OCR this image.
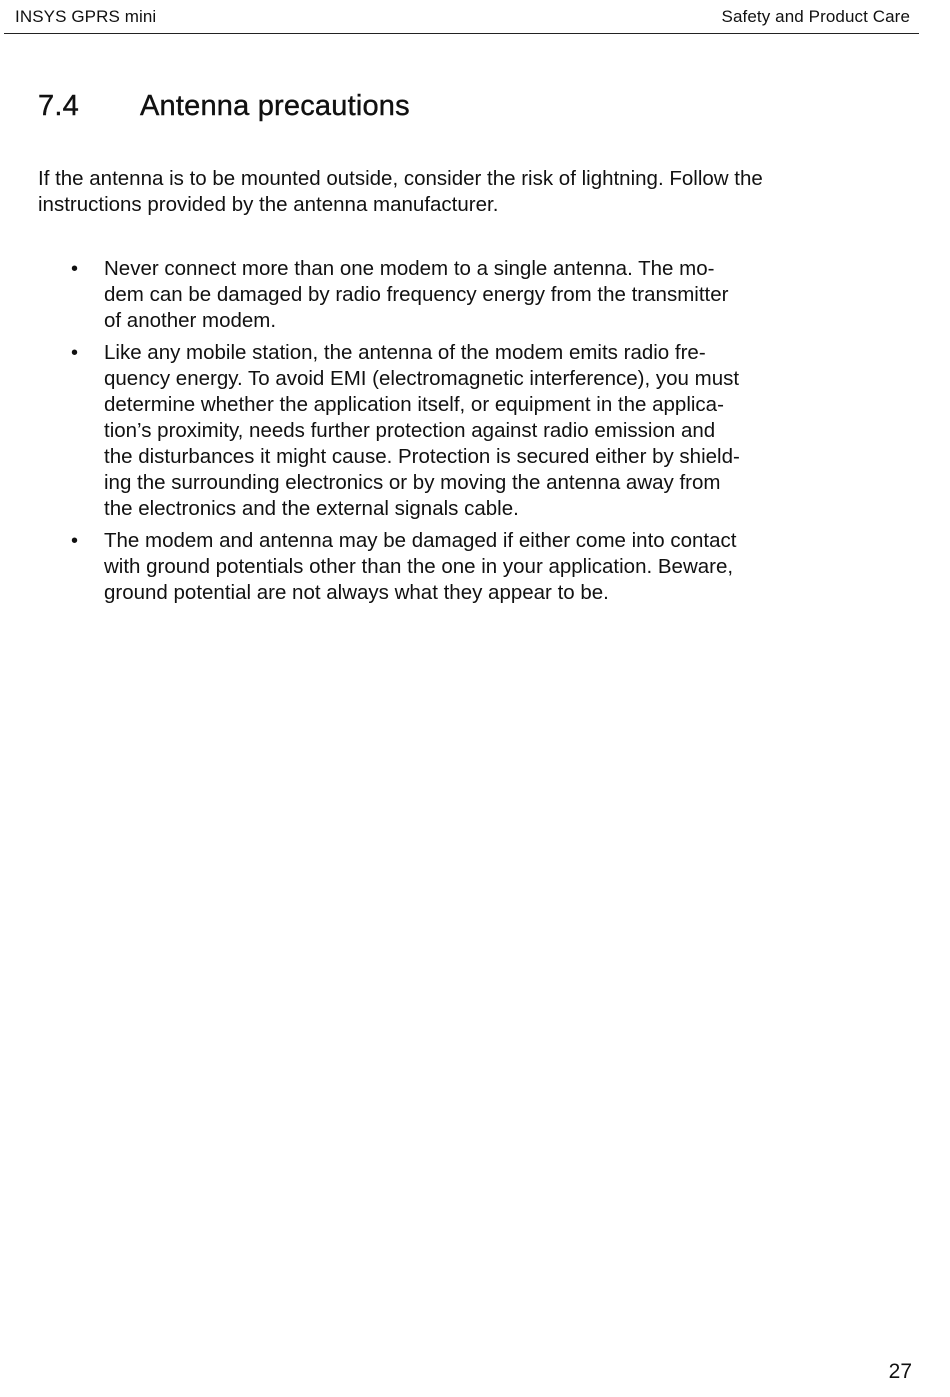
INSYS GPRS mini	Safety and Product Care
7.4 Antenna precautions

If the antenna is to be mounted outside, consider the risk of lightning. Follow the instructions provided by the antenna manufacturer.

• Never connect more than one modem to a single antenna. The mo-
dem can be damaged by radio frequency energy from the transmitter
of another modem.
• Like any mobile station, the antenna of the modem emits radio fre-
quency energy. To avoid EMI (electromagnetic interference), you must
determine whether the application itself, or equipment in the applica-
tion’s proximity, needs further protection against radio emission and
the disturbances it might cause. Protection is secured either by shield-
ing the surrounding electronics or by moving the antenna away from
the electronics and the external signals cable.
• The modem and antenna may be damaged if either come into contact
with ground potentials other than the one in your application. Beware,
ground potential are not always what they appear to be.
27
